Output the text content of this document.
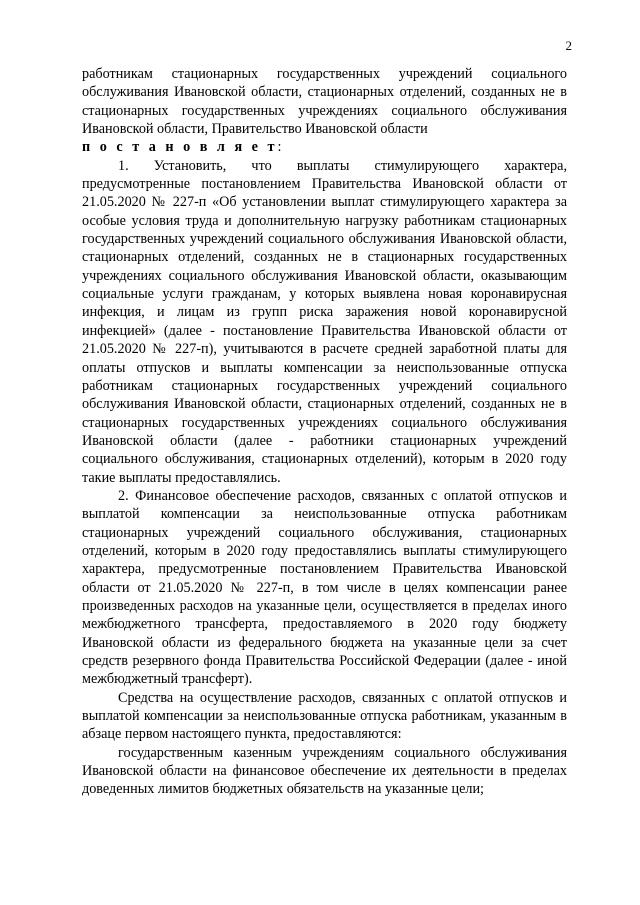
2

работникам стационарных государственных учреждений социального обслуживания Ивановской области, стационарных отделений, созданных не в стационарных государственных учреждениях социального обслуживания Ивановской области, Правительство Ивановской области

п о с т а н о в л я е т:

1. Установить, что выплаты стимулирующего характера, предусмотренные постановлением Правительства Ивановской области от 21.05.2020 № 227-п «Об установлении выплат стимулирующего характера за особые условия труда и дополнительную нагрузку работникам стационарных государственных учреждений социального обслуживания Ивановской области, стационарных отделений, созданных не в стационарных государственных учреждениях социального обслуживания Ивановской области, оказывающим социальные услуги гражданам, у которых выявлена новая коронавирусная инфекция, и лицам из групп риска заражения новой коронавирусной инфекцией» (далее - постановление Правительства Ивановской области от 21.05.2020 № 227-п), учитываются в расчете средней заработной платы для оплаты отпусков и выплаты компенсации за неиспользованные отпуска работникам стационарных государственных учреждений социального обслуживания Ивановской области, стационарных отделений, созданных не в стационарных государственных учреждениях социального обслуживания Ивановской области (далее - работники стационарных учреждений социального обслуживания, стационарных отделений), которым в 2020 году такие выплаты предоставлялись.

2. Финансовое обеспечение расходов, связанных с оплатой отпусков и выплатой компенсации за неиспользованные отпуска работникам стационарных учреждений социального обслуживания, стационарных отделений, которым в 2020 году предоставлялись выплаты стимулирующего характера, предусмотренные постановлением Правительства Ивановской области от 21.05.2020 № 227-п, в том числе в целях компенсации ранее произведенных расходов на указанные цели, осуществляется в пределах иного межбюджетного трансферта, предоставляемого в 2020 году бюджету Ивановской области из федерального бюджета на указанные цели за счет средств резервного фонда Правительства Российской Федерации (далее - иной межбюджетный трансферт).

Средства на осуществление расходов, связанных с оплатой отпусков и выплатой компенсации за неиспользованные отпуска работникам, указанным в абзаце первом настоящего пункта, предоставляются:

государственным казенным учреждениям социального обслуживания Ивановской области на финансовое обеспечение их деятельности в пределах доведенных лимитов бюджетных обязательств на указанные цели;
